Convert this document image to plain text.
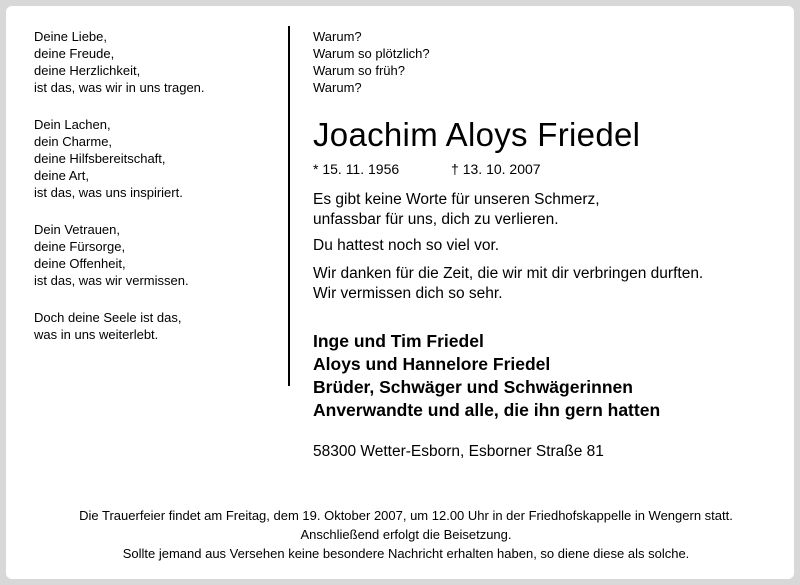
Deine Liebe,
deine Freude,
deine Herzlichkeit,
ist das, was wir in uns tragen.
Dein Lachen,
dein Charme,
deine Hilfsbereitschaft,
deine Art,
ist das, was uns inspiriert.
Dein Vetrauen,
deine Fürsorge,
deine Offenheit,
ist das, was wir vermissen.
Doch deine Seele ist das,
was in uns weiterlebt.
Warum?
Warum so plötzlich?
Warum so früh?
Warum?
Joachim Aloys Friedel
* 15. 11. 1956	† 13. 10. 2007
Es gibt keine Worte für unseren Schmerz,
unfassbar für uns, dich zu verlieren.
Du hattest noch so viel vor.
Wir danken für die Zeit, die wir mit dir verbringen durften.
Wir vermissen dich so sehr.
Inge und Tim Friedel
Aloys und Hannelore Friedel
Brüder, Schwäger und Schwägerinnen
Anverwandte und alle, die ihn gern hatten
58300 Wetter-Esborn, Esborner Straße 81
Die Trauerfeier findet am Freitag, dem 19. Oktober 2007, um 12.00 Uhr in der Friedhofskappelle in Wengern statt.
Anschließend erfolgt die Beisetzung.
Sollte jemand aus Versehen keine besondere Nachricht erhalten haben, so diene diese als solche.
